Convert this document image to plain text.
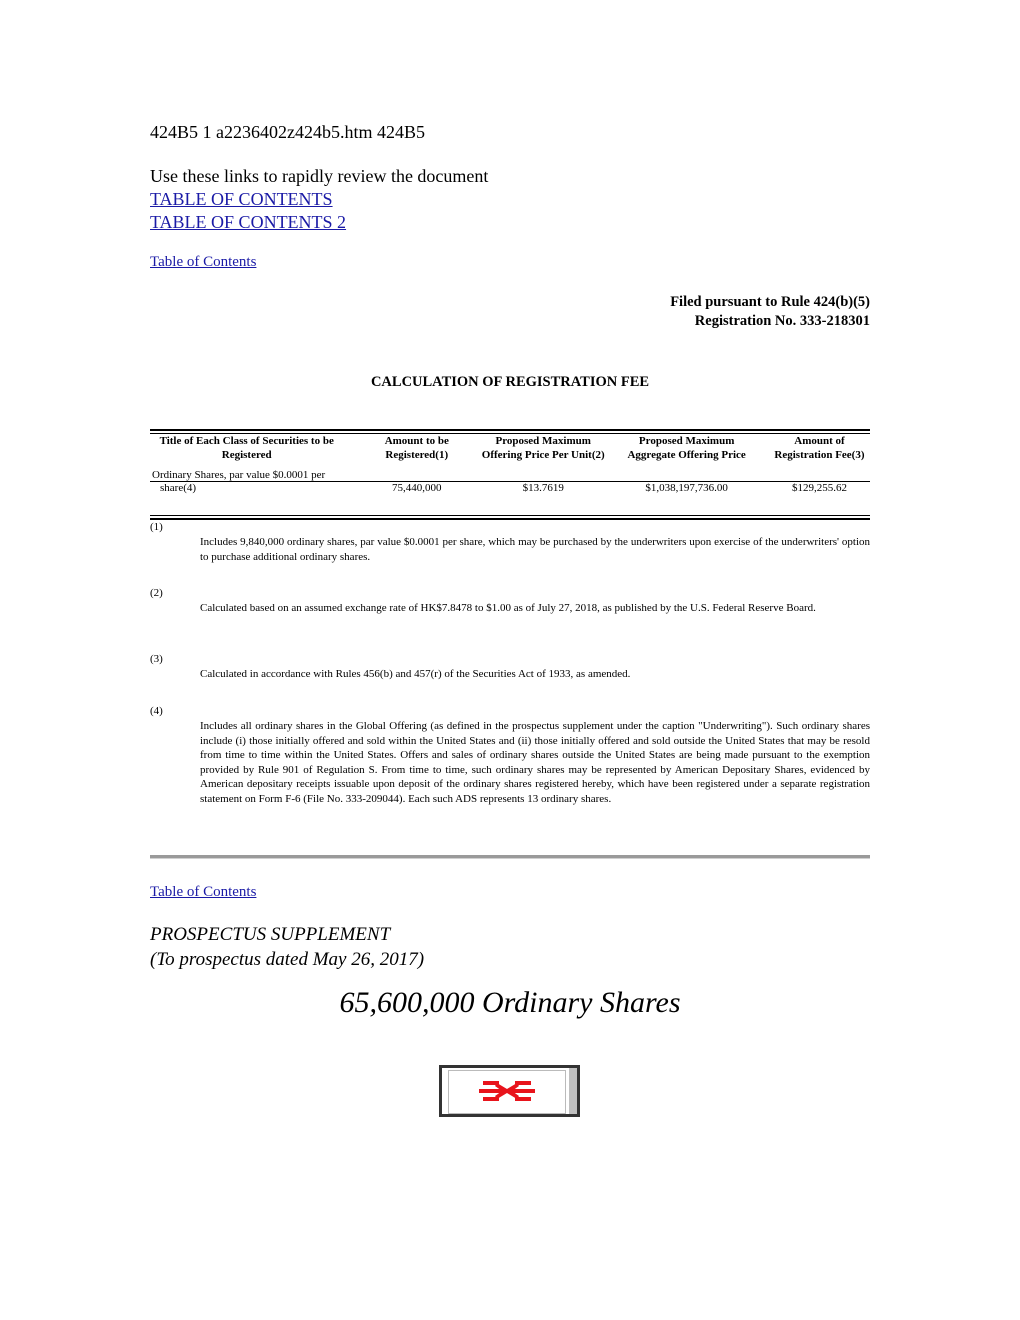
424B5 1 a2236402z424b5.htm 424B5
Use these links to rapidly review the document
TABLE OF CONTENTS
TABLE OF CONTENTS 2
Table of Contents
Filed pursuant to Rule 424(b)(5)
Registration No. 333-218301
CALCULATION OF REGISTRATION FEE
Title of Each Class of Securities to be Registered	Amount to be Registered(1)	Proposed Maximum Offering Price Per Unit(2)	Proposed Maximum Aggregate Offering Price	Amount of Registration Fee(3)

Ordinary Shares, par value $0.0001 per
share(4)	75,440,000	$13.7619	$1,038,197,736.00	$129,255.62
(1)
Includes 9,840,000 ordinary shares, par value $0.0001 per share, which may be purchased by the underwriters upon exercise of the underwriters' option to purchase additional ordinary shares.
(2)
Calculated based on an assumed exchange rate of HK$7.8478 to $1.00 as of July 27, 2018, as published by the U.S. Federal Reserve Board.
(3)
Calculated in accordance with Rules 456(b) and 457(r) of the Securities Act of 1933, as amended.
(4)
Includes all ordinary shares in the Global Offering (as defined in the prospectus supplement under the caption "Underwriting"). Such ordinary shares include (i) those initially offered and sold within the United States and (ii) those initially offered and sold outside the United States that may be resold from time to time within the United States. Offers and sales of ordinary shares outside the United States are being made pursuant to the exemption provided by Rule 901 of Regulation S. From time to time, such ordinary shares may be represented by American Depositary Shares, evidenced by American depositary receipts issuable upon deposit of the ordinary shares registered hereby, which have been registered under a separate registration statement on Form F-6 (File No. 333-209044). Each such ADS represents 13 ordinary shares.
Table of Contents
PROSPECTUS SUPPLEMENT
(To prospectus dated May 26, 2017)
65,600,000 Ordinary Shares
